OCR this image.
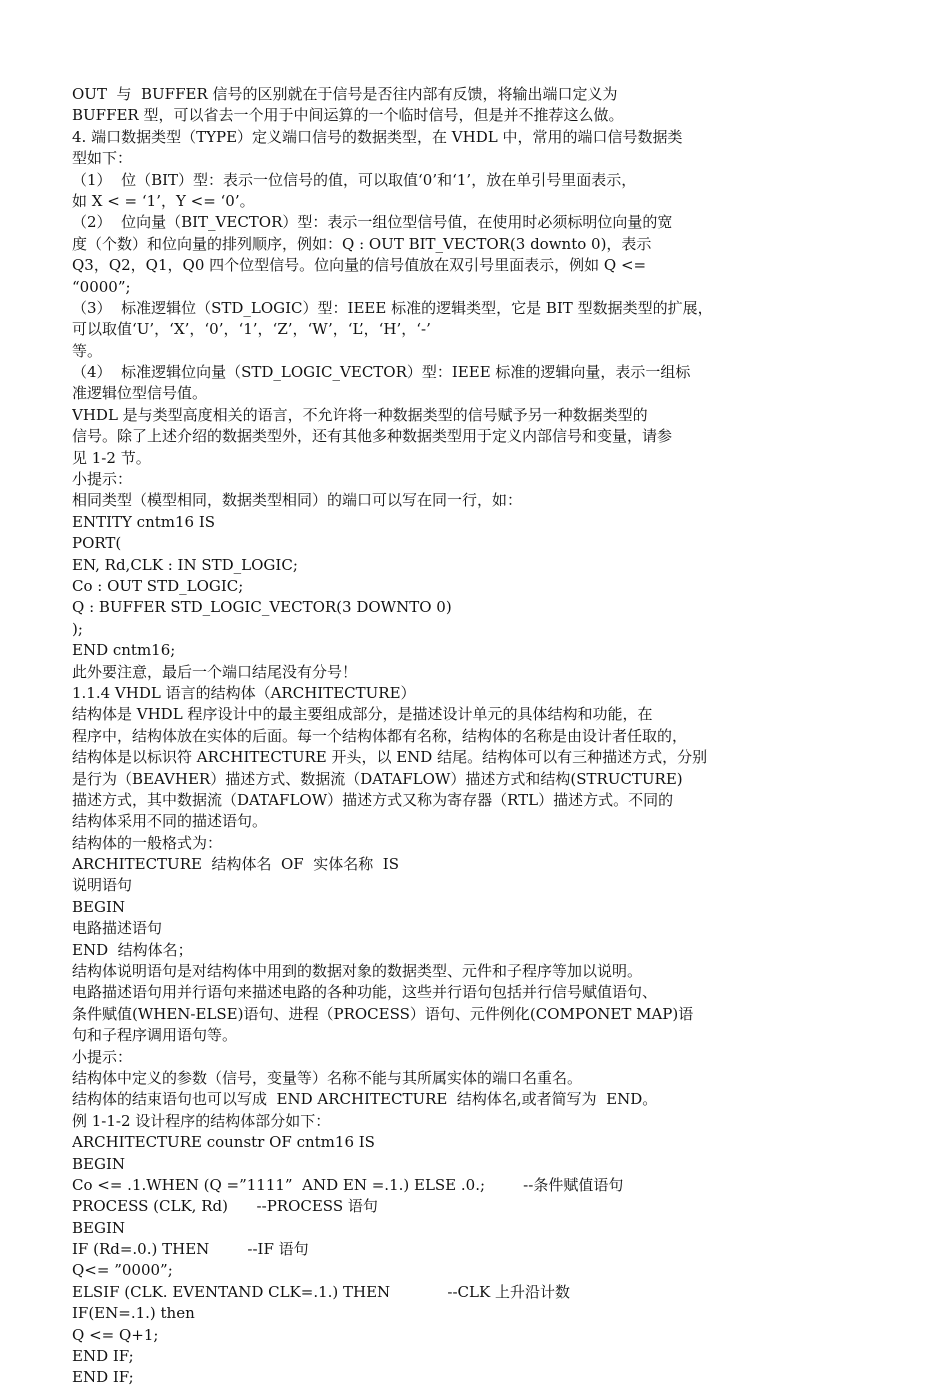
OUT  与  BUFFER 信号的区别就在于信号是否往内部有反馈，将输出端口定义为
BUFFER 型，可以省去一个用于中间运算的一个临时信号，但是并不推荐这么做。
4. 端口数据类型（TYPE）定义端口信号的数据类型，在 VHDL 中，常用的端口信号数据类
型如下：
（1）  位（BIT）型：表示一位信号的值，可以取值‘0’和‘1’，放在单引号里面表示，
如 X < = ‘1’，Y <= ‘0’。
（2）  位向量（BIT_VECTOR）型：表示一组位型信号值，在使用时必须标明位向量的宽
度（个数）和位向量的排列顺序，例如：Q : OUT BIT_VECTOR(3 downto 0)，表示
Q3，Q2，Q1，Q0 四个位型信号。位向量的信号值放在双引号里面表示，例如 Q <=
“0000”;
（3）  标准逻辑位（STD_LOGIC）型：IEEE 标准的逻辑类型，它是 BIT 型数据类型的扩展，
可以取值‘U’，‘X’，‘0’，‘1’，‘Z’，‘W’，‘L’，‘H’，‘-’
等。
（4）  标准逻辑位向量（STD_LOGIC_VECTOR）型：IEEE 标准的逻辑向量，表示一组标
准逻辑位型信号值。
VHDL 是与类型高度相关的语言，不允许将一种数据类型的信号赋予另一种数据类型的
信号。除了上述介绍的数据类型外，还有其他多种数据类型用于定义内部信号和变量，请参
见 1-2 节。
小提示：
相同类型（模型相同，数据类型相同）的端口可以写在同一行，如：
ENTITY cntm16 IS
PORT(
EN, Rd,CLK : IN STD_LOGIC;
Co : OUT STD_LOGIC;
Q : BUFFER STD_LOGIC_VECTOR(3 DOWNTO 0)
);
END cntm16;
此外要注意，最后一个端口结尾没有分号！
1.1.4 VHDL 语言的结构体（ARCHITECTURE）
结构体是 VHDL 程序设计中的最主要组成部分，是描述设计单元的具体结构和功能，在
程序中，结构体放在实体的后面。每一个结构体都有名称，结构体的名称是由设计者任取的，
结构体是以标识符 ARCHITECTURE 开头，以 END 结尾。结构体可以有三种描述方式，分别
是行为（BEAVHER）描述方式、数据流（DATAFLOW）描述方式和结构(STRUCTURE)
描述方式，其中数据流（DATAFLOW）描述方式又称为寄存器（RTL）描述方式。不同的
结构体采用不同的描述语句。
结构体的一般格式为：
ARCHITECTURE  结构体名  OF  实体名称  IS
说明语句
BEGIN
电路描述语句
END  结构体名；
结构体说明语句是对结构体中用到的数据对象的数据类型、元件和子程序等加以说明。
电路描述语句用并行语句来描述电路的各种功能，这些并行语句包括并行信号赋值语句、
条件赋值(WHEN-ELSE)语句、进程（PROCESS）语句、元件例化(COMPONET MAP)语
句和子程序调用语句等。
小提示：
结构体中定义的参数（信号，变量等）名称不能与其所属实体的端口名重名。
结构体的结束语句也可以写成  END ARCHITECTURE  结构体名,或者简写为  END。
例 1-1-2 设计程序的结构体部分如下：
ARCHITECTURE counstr OF cntm16 IS
BEGIN
Co <= .1.WHEN (Q =”1111”  AND EN =.1.) ELSE .0.;        --条件赋值语句
PROCESS (CLK, Rd)      --PROCESS 语句
BEGIN
IF (Rd=.0.) THEN        --IF 语句
Q<= ”0000”;
ELSIF (CLK. EVENTAND CLK=.1.) THEN            --CLK 上升沿计数
IF(EN=.1.) then
Q <= Q+1;
END IF;
END IF;
